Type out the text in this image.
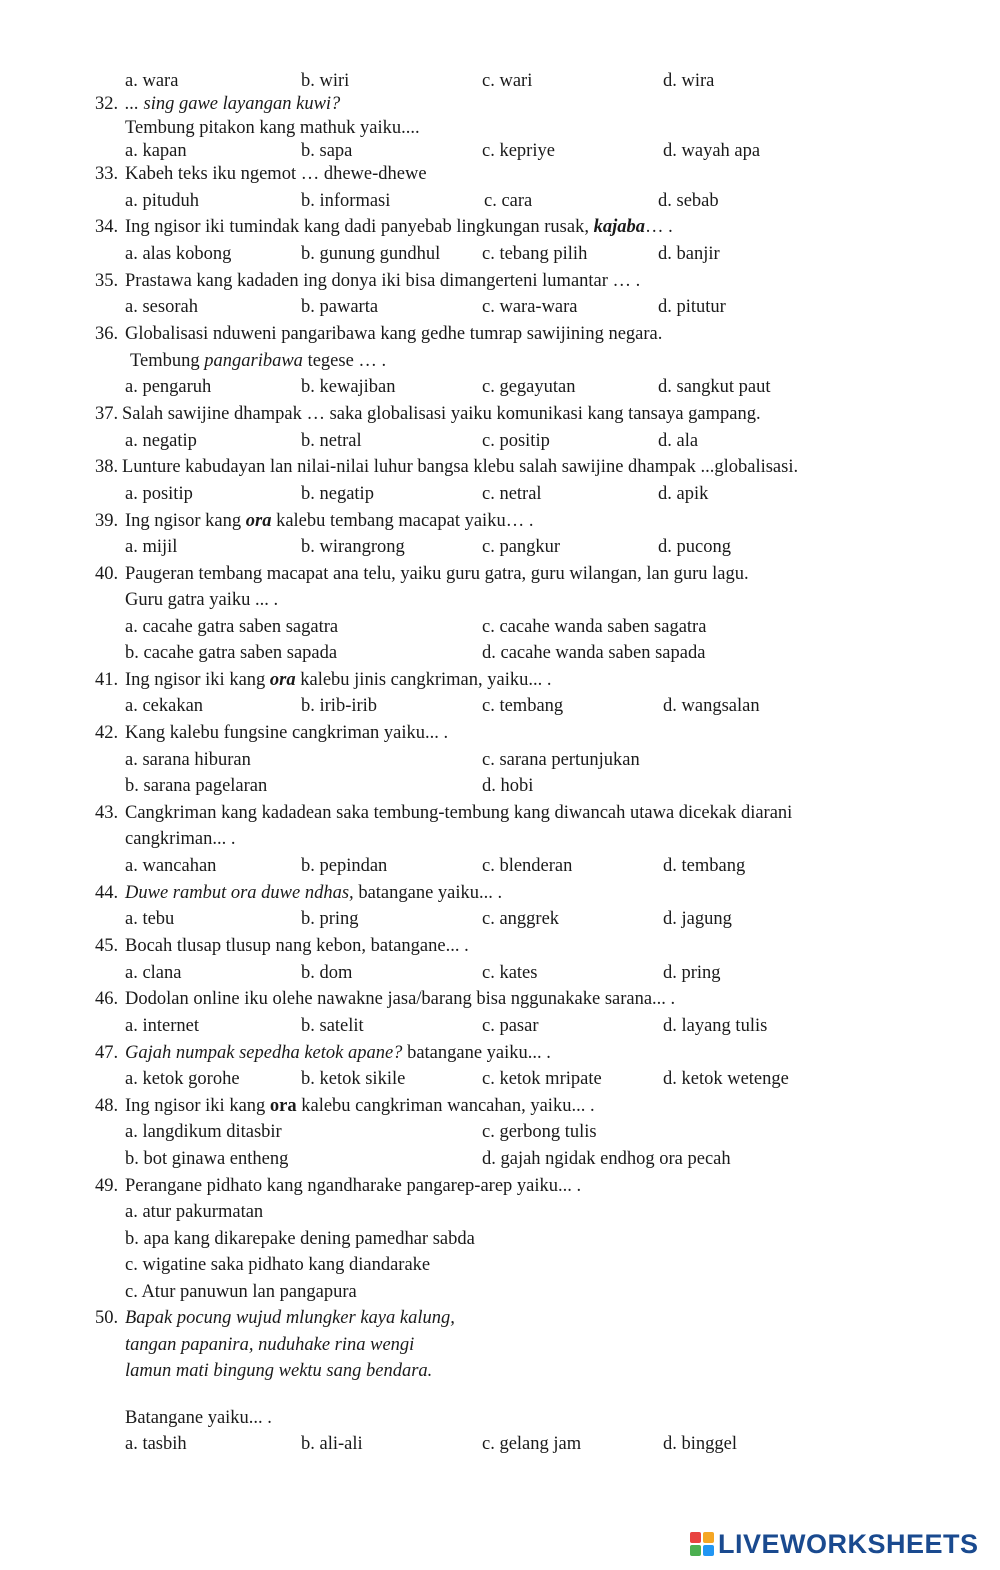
a. wara	b. wiri	c. wari	d. wira
32. ... sing gawe layangan kuwi?
Tembung pitakon kang mathuk yaiku....
a. kapan	b. sapa	c. kepriye	d. wayah apa
33. Kabeh teks iku ngemot … dhewe-dhewe
a. pituduh	b. informasi	c. cara	d. sebab
34. Ing ngisor iki tumindak kang dadi panyebab lingkungan rusak, kajaba… .
a. alas kobong	b. gunung gundhul c. tebang pilih	d. banjir
35. Prastawa kang kadaden ing donya iki bisa dimangerteni lumantar … .
a. sesorah	b. pawarta	c. wara-wara	d. pitutur
36. Globalisasi nduweni pangaribawa kang gedhe tumrap sawijining negara.
Tembung pangaribawa tegese … .
a. pengaruh	b. kewajiban	c. gegayutan	d. sangkut paut
37. Salah sawijine dhampak … saka globalisasi yaiku komunikasi kang tansaya gampang.
a. negatip	b. netral	c. positip	d. ala
38. Lunture kabudayan lan nilai-nilai luhur bangsa klebu salah sawijine dhampak ...globalisasi.
a. positip	b. negatip	c. netral	d. apik
39. Ing ngisor kang ora kalebu tembang macapat yaiku… .
a. mijil	b. wirangrong	c. pangkur	d. pucong
40. Paugeran tembang macapat ana telu, yaiku guru gatra, guru wilangan, lan guru lagu.
Guru gatra yaiku ... .
a. cacahe gatra saben sagatra	c. cacahe wanda saben sagatra
b. cacahe gatra saben sapada	d. cacahe wanda saben sapada
41. Ing ngisor iki kang ora kalebu jinis cangkriman, yaiku... .
a. cekakan	b. irib-irib	c. tembang	d. wangsalan
42. Kang kalebu fungsine cangkriman yaiku... .
a. sarana hiburan	c. sarana pertunjukan
b. sarana pagelaran	d. hobi
43. Cangkriman kang kadadean saka tembung-tembung kang diwancah utawa dicekak diarani
cangkriman... .
a. wancahan	b. pepindan	c. blenderan	d. tembang
44. Duwe rambut ora duwe ndhas, batangane yaiku... .
a. tebu	b. pring	c. anggrek	d. jagung
45. Bocah tlusap tlusup nang kebon, batangane... .
a. clana	b. dom	c. kates	d. pring
46. Dodolan online iku olehe nawakne jasa/barang bisa nggunakake sarana... .
a. internet	b. satelit	c. pasar	d. layang tulis
47. Gajah numpak sepedha ketok apane? batangane yaiku... .
a. ketok gorohe	b. ketok sikile	c. ketok mripate	d. ketok wetenge
48. Ing ngisor iki kang ora kalebu cangkriman wancahan, yaiku... .
a. langdikum ditasbir	c. gerbong tulis
b. bot ginawa entheng	d. gajah ngidak endhog ora pecah
49. Perangane pidhato kang ngandharake pangarep-arep yaiku... .
a. atur pakurmatan
b. apa kang dikarepake dening pamedhar sabda
c. wigatine saka pidhato kang diandarake
c. Atur panuwun lan pangapura
50. Bapak pocung wujud mlungker kaya kalung,
tangan papanira, nuduhake rina wengi
lamun mati bingung wektu sang bendara.
Batangane yaiku... .
a. tasbih	b. ali-ali	c. gelang jam	d. binggel
LIVEWORKSHEETS
